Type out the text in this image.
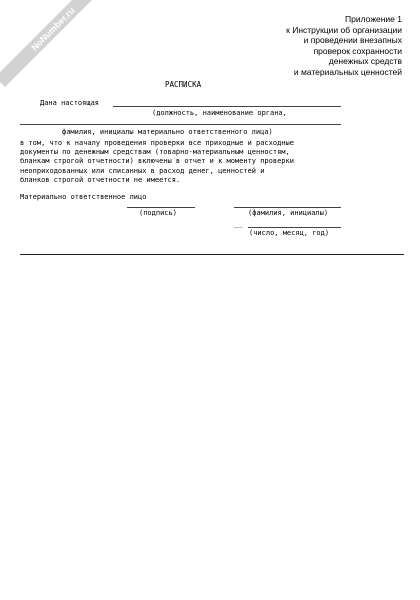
NoNumber.ru	Приложение 1
к Инструкции об организации
и проведении внезапных
проверок сохранности
денежных средств
и материальных ценностей
РАСПИСКА
Дана настоящая
(должность, наименование органа,
фамилия, инициалы материально ответственного лица)
в том, что к началу проведения проверки все приходные и расходные
документы по денежным средствам (товарно-материальным ценностям,
бланкам строгой отчетности) включены в отчет и к моменту проверки
неоприходованных или списанных в расход денег, ценностей и
бланков строгой отчетности не имеется.
Материально ответственное лицо
(подпись)	(фамилия, инициалы)
__
(число, месяц, год)
